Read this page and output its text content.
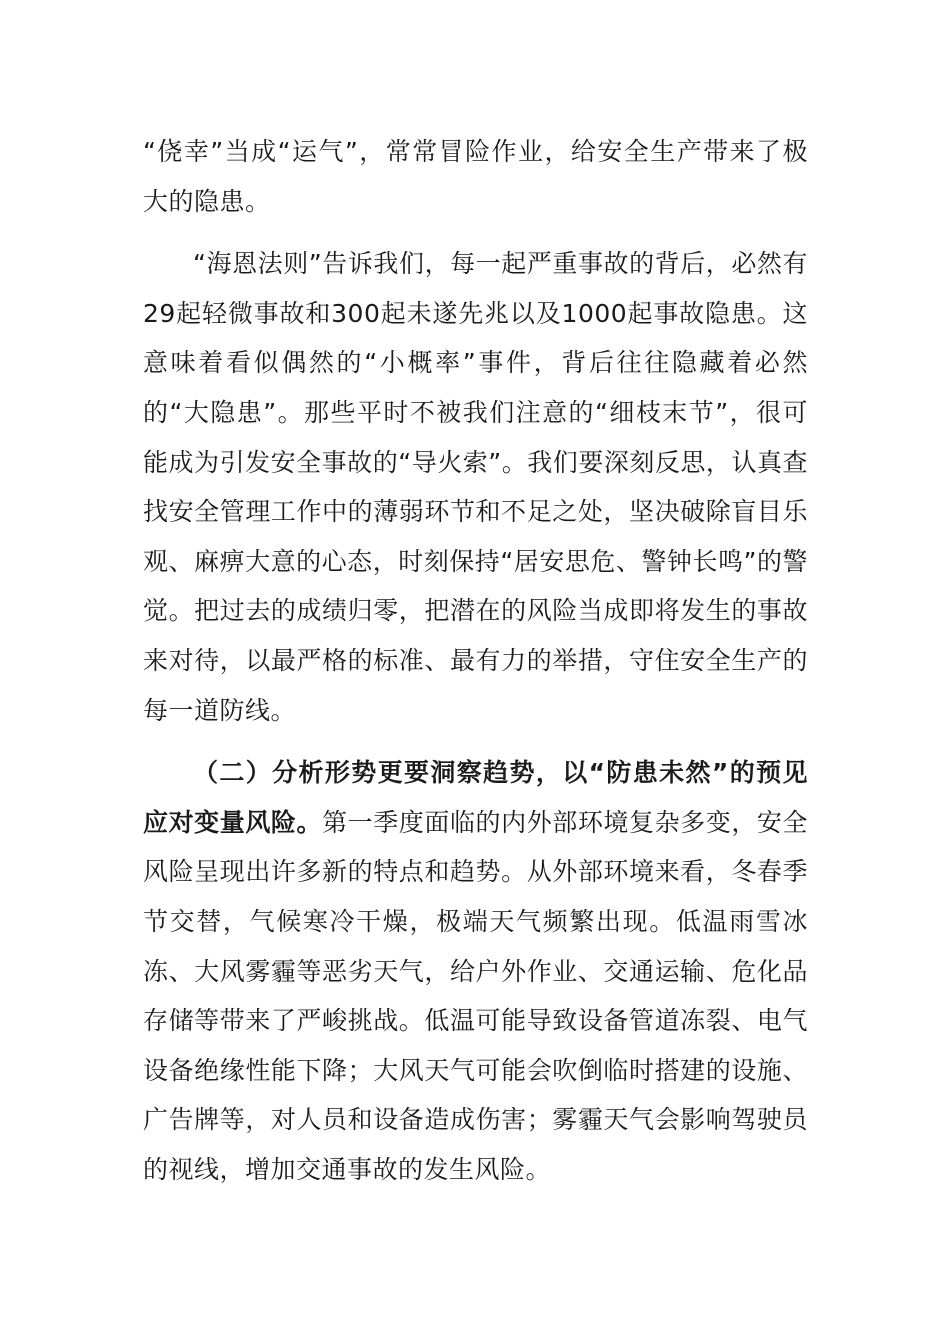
“侥幸”当成“运气”，常常冒险作业，给安全生产带来了极大的隐患。

“海恩法则”告诉我们，每一起严重事故的背后，必然有29起轻微事故和300起未遂先兆以及1000起事故隐患。这意味着看似偶然的“小概率”事件，背后往往隐藏着必然的“大隐患”。那些平时不被我们注意的“细枝末节”，很可能成为引发安全事故的“导火索”。我们要深刻反思，认真查找安全管理工作中的薄弱环节和不足之处，坚决破除盲目乐观、麻痹大意的心态，时刻保持“居安思危、警钟长鸣”的警觉。把过去的成绩归零，把潜在的风险当成即将发生的事故来对待，以最严格的标准、最有力的举措，守住安全生产的每一道防线。

（二）分析形势更要洞察趋势，以“防患未然”的预见应对变量风险。第一季度面临的内外部环境复杂多变，安全风险呈现出许多新的特点和趋势。从外部环境来看，冬春季节交替，气候寒冷干燥，极端天气频繁出现。低温雨雪冰冻、大风雾霾等恶劣天气，给户外作业、交通运输、危化品存储等带来了严峻挑战。低温可能导致设备管道冻裂、电气设备绝缘性能下降；大风天气可能会吹倒临时搭建的设施、广告牌等，对人员和设备造成伤害；雾霾天气会影响驾驶员的视线，增加交通事故的发生风险。
